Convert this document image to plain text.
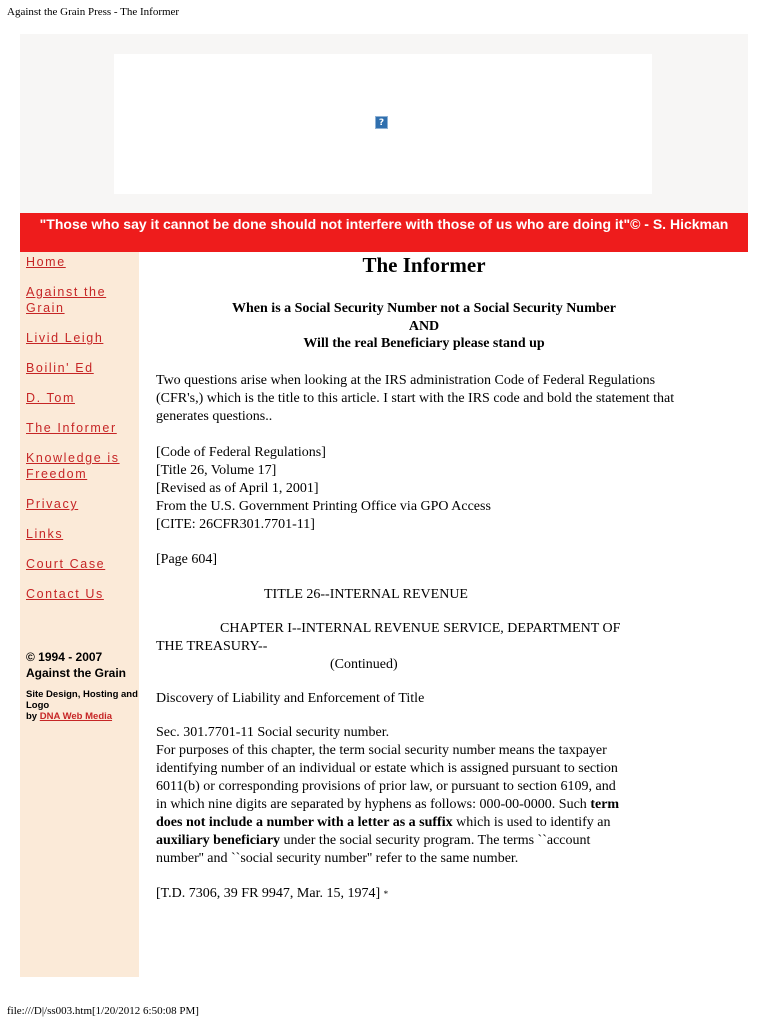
Against the Grain Press - The Informer
?
"Those who say it cannot be done should not interfere with those of us who are doing it"© - S. Hickman
Home
Against the Grain
Livid Leigh
Boilin' Ed
D. Tom
The Informer
Knowledge is Freedom
Privacy
Links
Court Case
Contact Us
© 1994 - 2007
Against the Grain
Site Design, Hosting and Logo
by DNA Web Media
The Informer
When is a Social Security Number not a Social Security Number
AND
Will the real Beneficiary please stand up

Two questions arise when looking at the IRS administration Code of Federal Regulations (CFR's,) which is the title to this article. I start with the IRS code and bold the statement that generates questions..

[Code of Federal Regulations]
[Title 26, Volume 17]
[Revised as of April 1, 2001]
From the U.S. Government Printing Office via GPO Access
[CITE: 26CFR301.7701-11]
[Page 604]
TITLE 26--INTERNAL REVENUE
CHAPTER I--INTERNAL REVENUE SERVICE, DEPARTMENT OF
THE TREASURY--
(Continued)
Discovery of Liability and Enforcement of Title
Sec. 301.7701-11 Social security number.

For purposes of this chapter, the term social security number means the taxpayer identifying number of an individual or estate which is assigned pursuant to section 6011(b) or corresponding provisions of prior law, or pursuant to section 6109, and in which nine digits are separated by hyphens as follows: 000-00-0000. Such term does not include a number with a letter as a suffix which is used to identify an auxiliary beneficiary under the social security program. The terms ``account number'' and ``social security number'' refer to the same number.

[T.D. 7306, 39 FR 9947, Mar. 15, 1974] *
file:///D|/ss003.htm[1/20/2012 6:50:08 PM]
